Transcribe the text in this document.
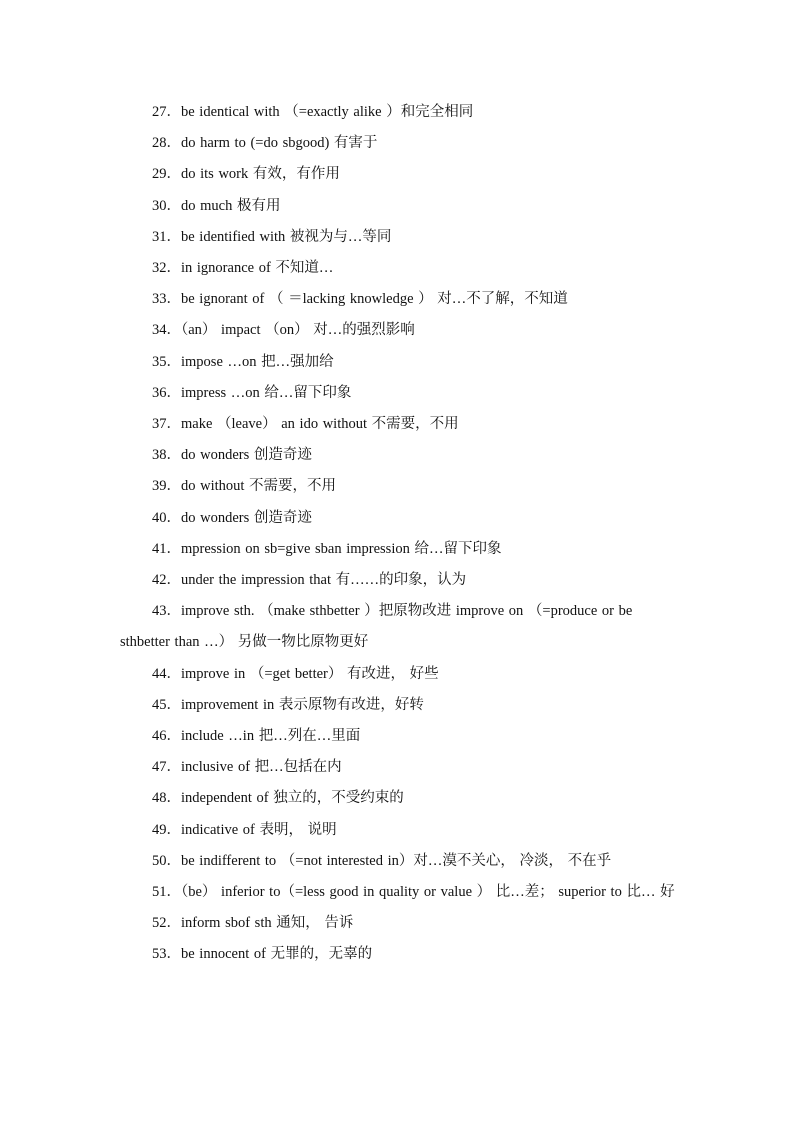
27．be identical with （=exactly alike ）和完全相同
28．do harm to (=do sbgood) 有害于
29．do its work 有效，有作用
30．do much 极有用
31．be identified with 被视为与…等同
32．in ignorance of 不知道…
33．be ignorant of （ ＝lacking knowledge ） 对…不了解，不知道
34．（an） impact （on） 对…的强烈影响
35．impose …on 把…强加给
36．impress …on 给…留下印象
37．make （leave） an ido without 不需要，不用
38．do wonders 创造奇迹
39．do without 不需要，不用
40．do wonders 创造奇迹
41．mpression on sb=give sban impression 给…留下印象
42．under the impression that 有……的印象，认为
43．improve sth. （make sthbetter ）把原物改进 improve on （=produce or be sthbetter than …） 另做一物比原物更好
44．improve in （=get better） 有改进， 好些
45．improvement in 表示原物有改进，好转
46．include …in 把…列在…里面
47．inclusive of 把…包括在内
48．independent of 独立的，不受约束的
49．indicative of 表明， 说明
50．be indifferent to （=not interested in）对…漠不关心， 冷淡， 不在乎
51．（be） inferior to（=less good in quality or value ） 比…差； superior to 比… 好
52．inform sbof sth 通知， 告诉
53．be innocent of 无罪的，无辜的
